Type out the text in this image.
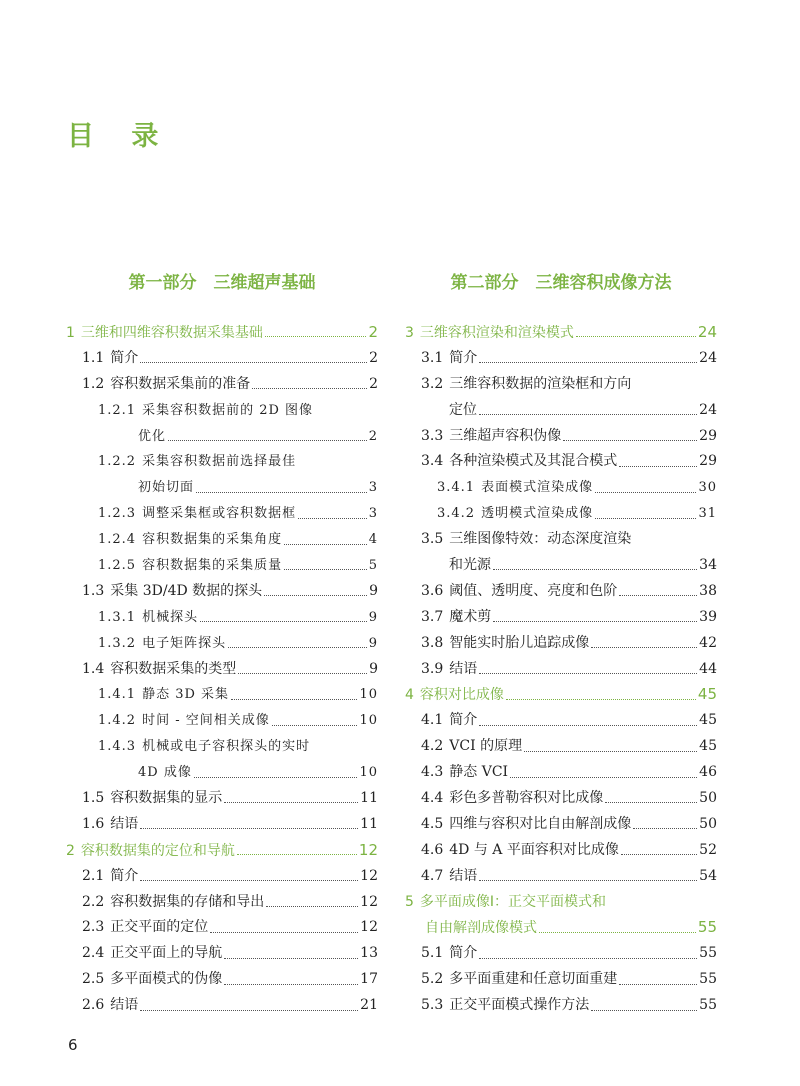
目 录
第一部分　三维超声基础
1 三维和四维容积数据采集基础	2
1.1 简介	2
1.2 容积数据采集前的准备	2
1.2.1 采集容积数据前的 2D 图像
优化	2
1.2.2 采集容积数据前选择最佳
初始切面	3
1.2.3 调整采集框或容积数据框	3
1.2.4 容积数据集的采集角度	4
1.2.5 容积数据集的采集质量	5
1.3 采集 3D/4D 数据的探头	9
1.3.1 机械探头	9
1.3.2 电子矩阵探头	9
1.4 容积数据采集的类型	9
1.4.1 静态 3D 采集	10
1.4.2 时间 - 空间相关成像	10
1.4.3 机械或电子容积探头的实时
4D 成像	10
1.5 容积数据集的显示	11
1.6 结语	11
2 容积数据集的定位和导航	12
2.1 简介	12
2.2 容积数据集的存储和导出	12
2.3 正交平面的定位	12
2.4 正交平面上的导航	13
2.5 多平面模式的伪像	17
2.6 结语	21
第二部分　三维容积成像方法
3 三维容积渲染和渲染模式	24
3.1 简介	24
3.2 三维容积数据的渲染框和方向
定位	24
3.3 三维超声容积伪像	29
3.4 各种渲染模式及其混合模式	29
3.4.1 表面模式渲染成像	30
3.4.2 透明模式渲染成像	31
3.5 三维图像特效：动态深度渲染
和光源	34
3.6 阈值、透明度、亮度和色阶	38
3.7 魔术剪	39
3.8 智能实时胎儿追踪成像	42
3.9 结语	44
4 容积对比成像	45
4.1 简介	45
4.2 VCI 的原理	45
4.3 静态 VCI	46
4.4 彩色多普勒容积对比成像	50
4.5 四维与容积对比自由解剖成像	50
4.6 4D 与 A 平面容积对比成像	52
4.7 结语	54
5 多平面成像Ⅰ：正交平面模式和
自由解剖成像模式	55
5.1 简介	55
5.2 多平面重建和任意切面重建	55
5.3 正交平面模式操作方法	55
6
